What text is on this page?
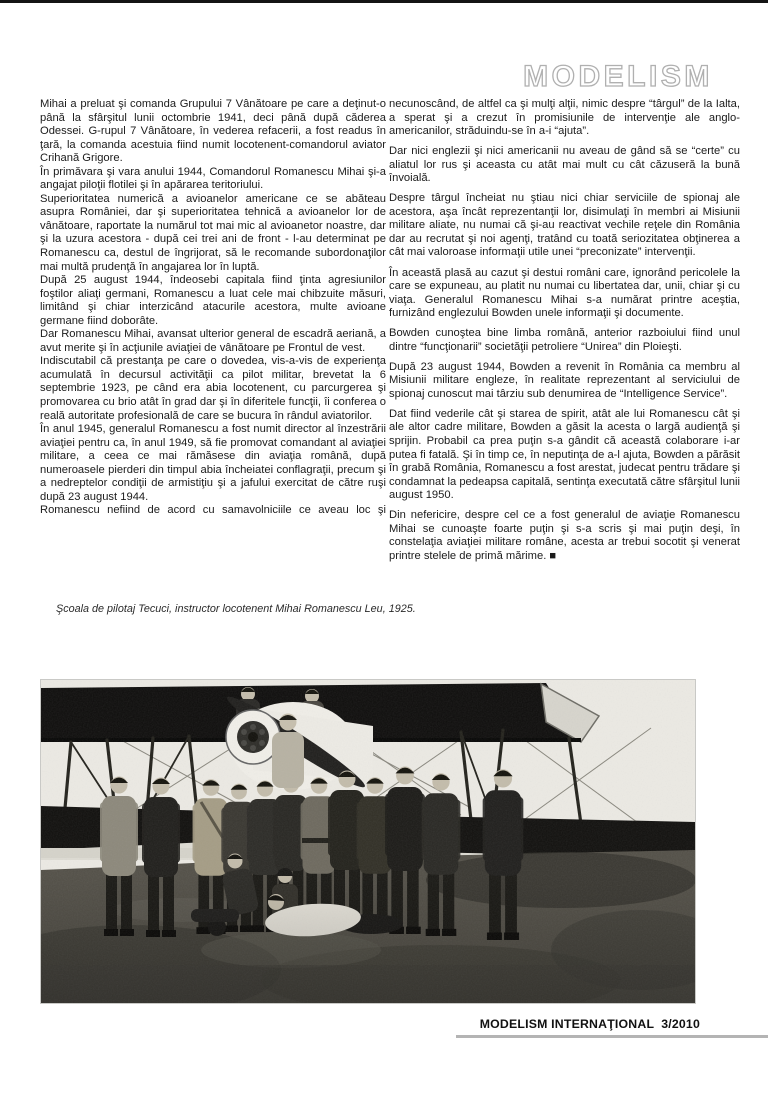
MODELISM

Mihai a preluat şi comanda Grupului 7 Vânătoare pe care a deţinut-o până la sfârşitul lunii octombrie 1941, deci până după căderea Odessei. G-rupul 7 Vânătoare, în vederea refacerii, a fost readus în ţară, la comanda acestuia fiind numit locotenent-comandorul aviator Crihană Grigore.

În primăvara şi vara anului 1944, Comandorul Romanescu Mihai şi-a angajat piloţii flotilei şi în apărarea teritoriului.

Superioritatea numerică a avioanelor americane ce se abăteau asupra României, dar şi superioritatea tehnică a avioanelor lor de vânătoare, raportate la numărul tot mai mic al avioanetor noastre, dar şi la uzura acestora - după cei trei ani de front - l-au determinat pe Romanescu ca, destul de îngrijorat, să le recomande subordonaţilor mai multă prudenţă în angajarea lor în luptă.

După 25 august 1944, îndeosebi capitala fiind ţinta agresiunilor foştilor aliaţi germani, Romanescu a luat cele mai chibzuite măsuri, limitând şi chiar interzicând atacurile acestora, multe avioane germane fiind doborâte.

Dar Romanescu Mihai, avansat ulterior general de escadră aeriană, a avut merite şi în acţiunile aviaţiei de vânătoare pe Frontul de vest.

Indiscutabil că prestanţa pe care o dovedea, vis-a-vis de experienţa acumulată în decursul activităţii ca pilot militar, brevetat la 6 septembrie 1923, pe când era abia locotenent, cu parcurgerea şi promovarea cu brio atât în grad dar şi în diferitele funcţii, îi conferea o reală autoritate profesională de care se bucura în rândul aviatorilor.

În anul 1945, generalul Romanescu a fost numit director al înzestrării aviaţiei pentru ca, în anul 1949, să fie promovat comandant al aviaţiei militare, a ceea ce mai rămăsese din aviaţia română, după numeroasele pierderi din timpul abia încheiatei conflagraţii, precum şi a nedreptelor condiţii de armistiţiu şi a jafului exercitat de către ruşi după 23 august 1944.

Romanescu nefiind de acord cu samavolniciile ce aveau loc şi

necunoscând, de altfel ca şi mulţi alţii, nimic despre “târgul” de la Ialta, a sperat şi a crezut în promisiunile de intervenţie ale anglo-americanilor, străduindu-se în a-i “ajuta”.

Dar nici englezii şi nici americanii nu aveau de gând să se “certe” cu aliatul lor rus şi aceasta cu atât mai mult cu cât căzuseră la bună învoială.

Despre târgul încheiat nu ştiau nici chiar serviciile de spionaj ale acestora, aşa încât reprezentanţii lor, disimulaţi în membri ai Misiunii militare aliate, nu numai că şi-au reactivat vechile reţele din România dar au recrutat şi noi agenţi, tratând cu toată seriozitatea obţinerea a cât mai valoroase informaţii utile unei “preconizate” intervenţii.

În această plasă au cazut şi destui români care, ignorând pericolele la care se expuneau, au platit nu numai cu libertatea dar, unii, chiar şi cu viaţa. Generalul Romanescu Mihai s-a numărat printre aceştia, furnizând englezului Bowden unele informaţii şi documente.

Bowden cunoştea bine limba română, anterior razboiului fiind unul dintre “funcţionarii” societăţii petroliere “Unirea” din Ploieşti.

După 23 august 1944, Bowden a revenit în România ca membru al Misiunii militare engleze, în realitate reprezentant al serviciului de spionaj cunoscut mai târziu sub denumirea de “Intelligence Service”.

Dat fiind vederile cât şi starea de spirit, atât ale lui Romanescu cât şi ale altor cadre militare, Bowden a găsit la acesta o largă audienţă şi sprijin. Probabil ca prea puţin s-a gândit că această colaborare i-ar putea fi fatală. Şi în timp ce, în neputinţa de a-l ajuta, Bowden a părăsit în grabă România, Romanescu a fost arestat, judecat pentru trădare şi condamnat la pedeapsa capitală, sentinţa executată către sfârşitul lunii august 1950.

Din nefericire, despre cel ce a fost generalul de aviaţie Romanescu Mihai se cunoaşte foarte puţin şi s-a scris şi mai puţin deşi, în constelaţia aviaţiei militare române, acesta ar trebui socotit şi venerat printre stelele de primă mărime. ■

Şcoala de pilotaj Tecuci, instructor locotenent Mihai Romanescu Leu, 1925.
MODELISM INTERNAŢIONAL 3/2010
